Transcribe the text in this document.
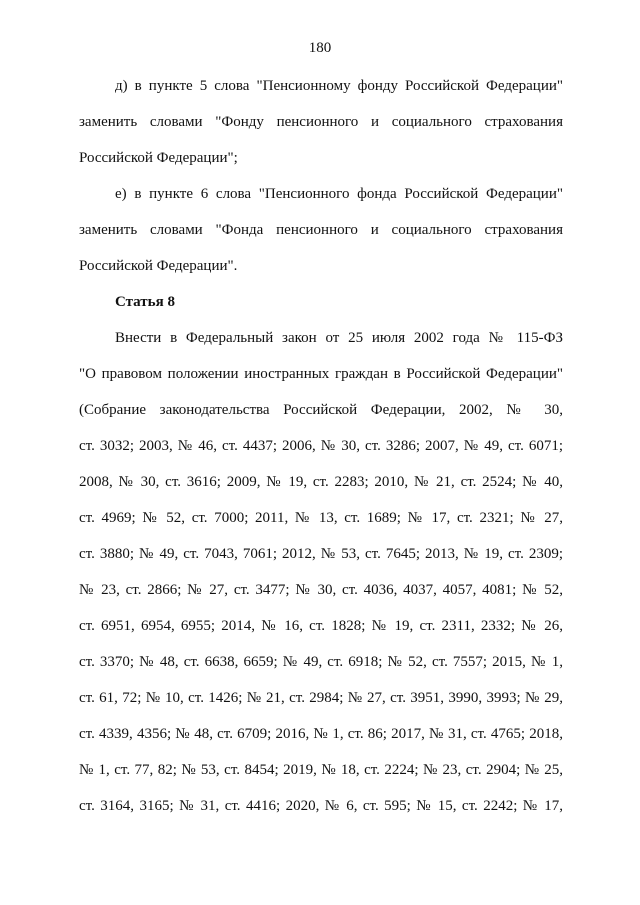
180
д) в пункте 5 слова "Пенсионному фонду Российской Федерации"
заменить словами "Фонду пенсионного и социального страхования
Российской Федерации";
е) в пункте 6 слова "Пенсионного фонда Российской Федерации"
заменить словами "Фонда пенсионного и социального страхования
Российской Федерации".
Статья 8
Внести в Федеральный закон от 25 июля 2002 года № 115-ФЗ
"О правовом положении иностранных граждан в Российской Федерации"
(Собрание законодательства Российской Федерации, 2002, № 30,
ст. 3032; 2003, № 46, ст. 4437; 2006, № 30, ст. 3286; 2007, № 49, ст. 6071;
2008, № 30, ст. 3616; 2009, № 19, ст. 2283; 2010, № 21, ст. 2524; № 40,
ст. 4969; № 52, ст. 7000; 2011, № 13, ст. 1689; № 17, ст. 2321; № 27,
ст. 3880; № 49, ст. 7043, 7061; 2012, № 53, ст. 7645; 2013, № 19, ст. 2309;
№ 23, ст. 2866; № 27, ст. 3477; № 30, ст. 4036, 4037, 4057, 4081; № 52,
ст. 6951, 6954, 6955; 2014, № 16, ст. 1828; № 19, ст. 2311, 2332; № 26,
ст. 3370; № 48, ст. 6638, 6659; № 49, ст. 6918; № 52, ст. 7557; 2015, № 1,
ст. 61, 72; № 10, ст. 1426; № 21, ст. 2984; № 27, ст. 3951, 3990, 3993; № 29,
ст. 4339, 4356; № 48, ст. 6709; 2016, № 1, ст. 86; 2017, № 31, ст. 4765; 2018,
№ 1, ст. 77, 82; № 53, ст. 8454; 2019, № 18, ст. 2224; № 23, ст. 2904; № 25,
ст. 3164, 3165; № 31, ст. 4416; 2020, № 6, ст. 595; № 15, ст. 2242; № 17,
